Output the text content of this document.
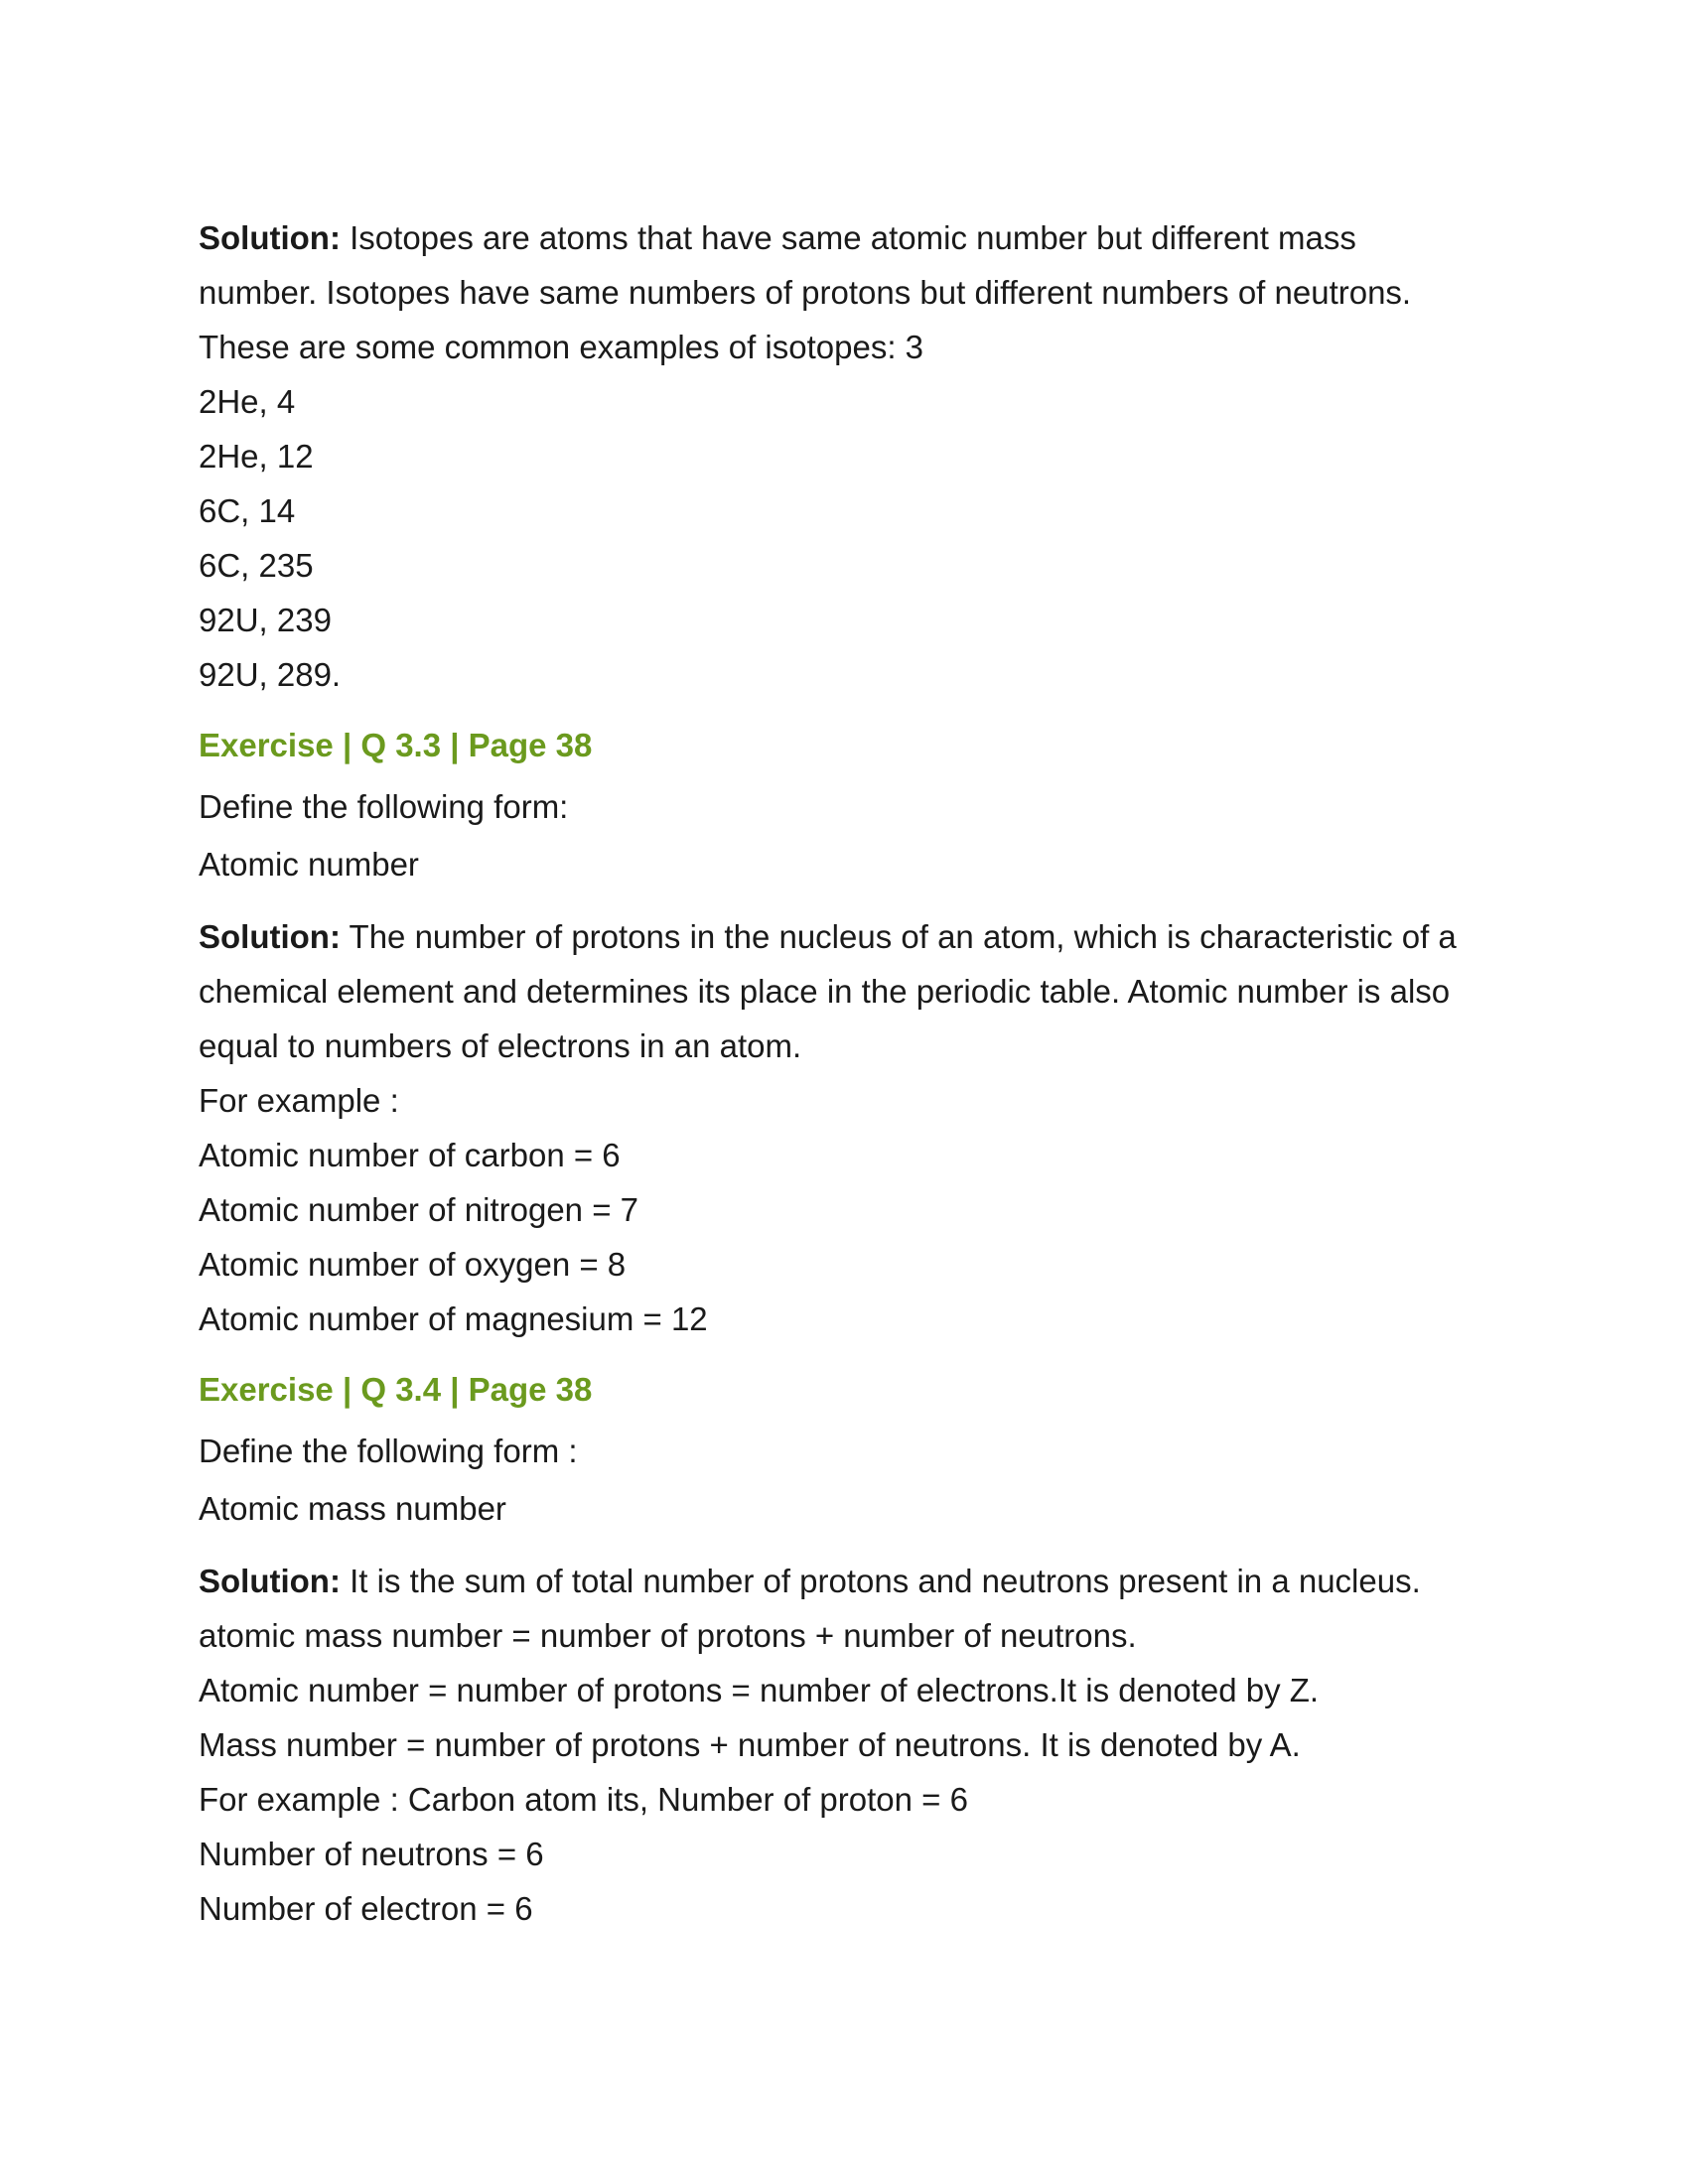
Solution: Isotopes are atoms that have same atomic number but different mass

number. Isotopes have same numbers of protons but different numbers of neutrons.

These are some common examples of isotopes: 3

2He, 4

2He, 12

6C, 14

6C, 235

92U, 239

92U, 289.

Exercise | Q 3.3 | Page 38

Define the following form:

Atomic number

Solution: The number of protons in the nucleus of an atom, which is characteristic of a

chemical element and determines its place in the periodic table. Atomic number is also

equal to numbers of electrons in an atom.

For example :

Atomic number of carbon = 6

Atomic number of nitrogen = 7

Atomic number of oxygen = 8

Atomic number of magnesium = 12

Exercise | Q 3.4 | Page 38

Define the following form :

Atomic mass number

Solution: It is the sum of total number of protons and neutrons present in a nucleus.

atomic mass number = number of protons + number of neutrons.

Atomic number = number of protons = number of electrons.It is denoted by Z.

Mass number = number of protons + number of neutrons. It is denoted by A.

For example : Carbon atom its, Number of proton = 6

Number of neutrons = 6

Number of electron = 6
